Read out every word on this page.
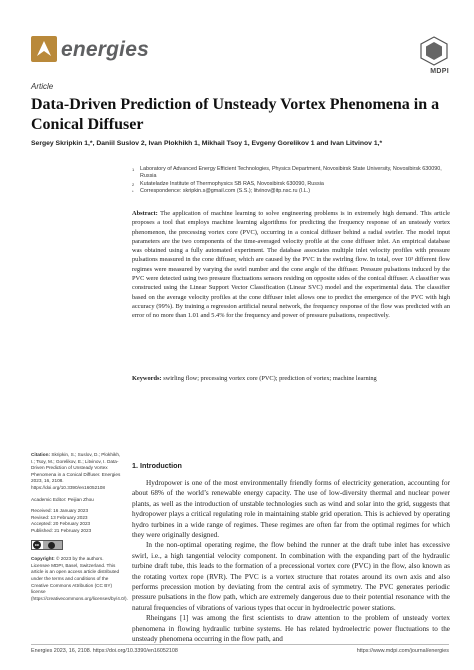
energies
MDPI
Article
Data-Driven Prediction of Unsteady Vortex Phenomena in a Conical Diffuser
Sergey Skripkin 1,*, Daniil Suslov 2, Ivan Plokhikh 1, Mikhail Tsoy 1, Evgeny Gorelikov 1 and Ivan Litvinov 1,*
1 Laboratory of Advanced Energy Efficient Technologies, Physics Department, Novosibirsk State University, Novosibirsk 630090, Russia
2 Kutateladze Institute of Thermophysics SB RAS, Novosibirsk 630090, Russia
* Correspondence: skripkin.s@gmail.com (S.S.); litvinov@itp.nsc.ru (I.L.)
Abstract: The application of machine learning to solve engineering problems is in extremely high demand. This article proposes a tool that employs machine learning algorithms for predicting the frequency response of an unsteady vortex phenomenon, the precessing vortex core (PVC), occurring in a conical diffuser behind a radial swirler. The model input parameters are the two components of the time-averaged velocity profile at the cone diffuser inlet. An empirical database was obtained using a fully automated experiment. The database associates multiple inlet velocity profiles with pressure pulsations measured in the cone diffuser, which are caused by the PVC in the swirling flow. In total, over 10³ different flow regimes were measured by varying the swirl number and the cone angle of the diffuser. Pressure pulsations induced by the PVC were detected using two pressure fluctuations sensors residing on opposite sides of the conical diffuser. A classifier was constructed using the Linear Support Vector Classification (Linear SVC) model and the experimental data. The classifier based on the average velocity profiles at the cone diffuser inlet allows one to predict the emergence of the PVC with high accuracy (99%). By training a regression artificial neural network, the frequency response of the flow was predicted with an error of no more than 1.01 and 5.4% for the frequency and power of pressure pulsations, respectively.
Keywords: swirling flow; precessing vortex core (PVC); prediction of vortex; machine learning

Citation: Skripkin, S.; Suslov, D.; Plokhikh, I.; Tsoy, M.; Gorelikov, E.; Litvinov, I. Data-Driven Prediction of Unsteady Vortex Phenomena in a Conical Diffuser. Energies 2023, 16, 2108. https://doi.org/10.3390/en16052108

Academic Editor: Peijian Zhou

Received: 16 January 2023
Revised: 13 February 2023
Accepted: 20 February 2023
Published: 21 February 2023

cc

Copyright: © 2023 by the authors. Licensee MDPI, Basel, Switzerland. This article is an open access article distributed under the terms and conditions of the Creative Commons Attribution (CC BY) license (https://creativecommons.org/licenses/by/4.0/).

1. Introduction

Hydropower is one of the most environmentally friendly forms of electricity generation, accounting for about 68% of the world’s renewable energy capacity. The use of low-diversity thermal and nuclear power plants, as well as the introduction of unstable technologies such as wind and solar into the grid, suggests that hydropower plays a critical regulating role in maintaining stable grid operation. This is achieved by operating hydro turbines in a wide range of regimes. These regimes are often far from the optimal regimes for which they were originally designed.

In the non-optimal operating regime, the flow behind the runner at the draft tube inlet has excessive swirl, i.e., a high tangential velocity component. In combination with the expanding part of the hydraulic turbine draft tube, this leads to the formation of a precessional vortex core (PVC) in the flow, also known as the rotating vortex rope (RVR). The PVC is a vortex structure that rotates around its own axis and also performs precession motion by deviating from the central axis of symmetry. The PVC generates periodic pressure pulsations in the flow path, which are extremely dangerous due to their potential resonance with the natural frequencies of vibrations of various types that occur in hydroelectric power stations.

Rheingans [1] was among the first scientists to draw attention to the problem of unsteady vortex phenomena in flowing hydraulic turbine systems. He has related hydroelectric power fluctuations to the unsteady phenomena occurring in the flow path, and

Energies 2023, 16, 2108. https://doi.org/10.3390/en16052108	https://www.mdpi.com/journal/energies
